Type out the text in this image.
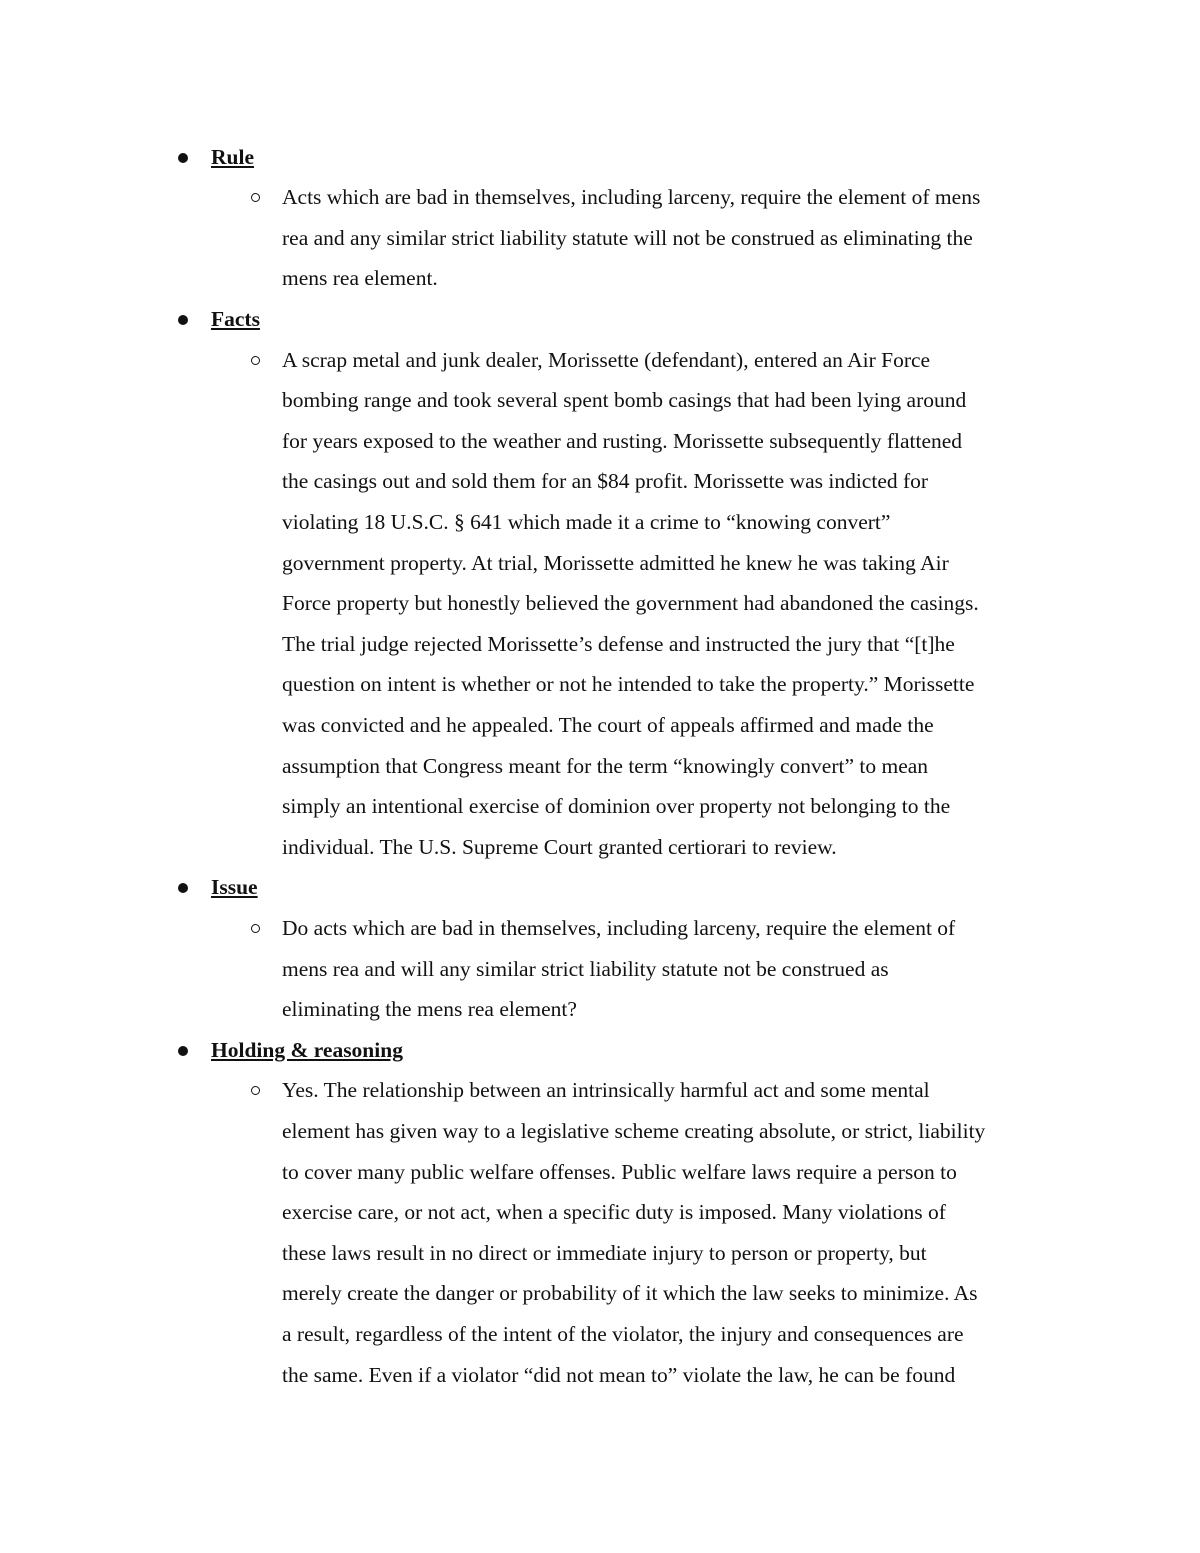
Rule
Acts which are bad in themselves, including larceny, require the element of mens
rea and any similar strict liability statute will not be construed as eliminating the
mens rea element.
Facts
A scrap metal and junk dealer, Morissette (defendant), entered an Air Force
bombing range and took several spent bomb casings that had been lying around
for years exposed to the weather and rusting. Morissette subsequently flattened
the casings out and sold them for an $84 profit. Morissette was indicted for
violating 18 U.S.C. § 641 which made it a crime to “knowing convert”
government property. At trial, Morissette admitted he knew he was taking Air
Force property but honestly believed the government had abandoned the casings.
The trial judge rejected Morissette’s defense and instructed the jury that “[t]he
question on intent is whether or not he intended to take the property.” Morissette
was convicted and he appealed. The court of appeals affirmed and made the
assumption that Congress meant for the term “knowingly convert” to mean
simply an intentional exercise of dominion over property not belonging to the
individual. The U.S. Supreme Court granted certiorari to review.
Issue
Do acts which are bad in themselves, including larceny, require the element of
mens rea and will any similar strict liability statute not be construed as
eliminating the mens rea element?
Holding & reasoning
Yes. The relationship between an intrinsically harmful act and some mental
element has given way to a legislative scheme creating absolute, or strict, liability
to cover many public welfare offenses. Public welfare laws require a person to
exercise care, or not act, when a specific duty is imposed. Many violations of
these laws result in no direct or immediate injury to person or property, but
merely create the danger or probability of it which the law seeks to minimize. As
a result, regardless of the intent of the violator, the injury and consequences are
the same. Even if a violator “did not mean to” violate the law, he can be found
